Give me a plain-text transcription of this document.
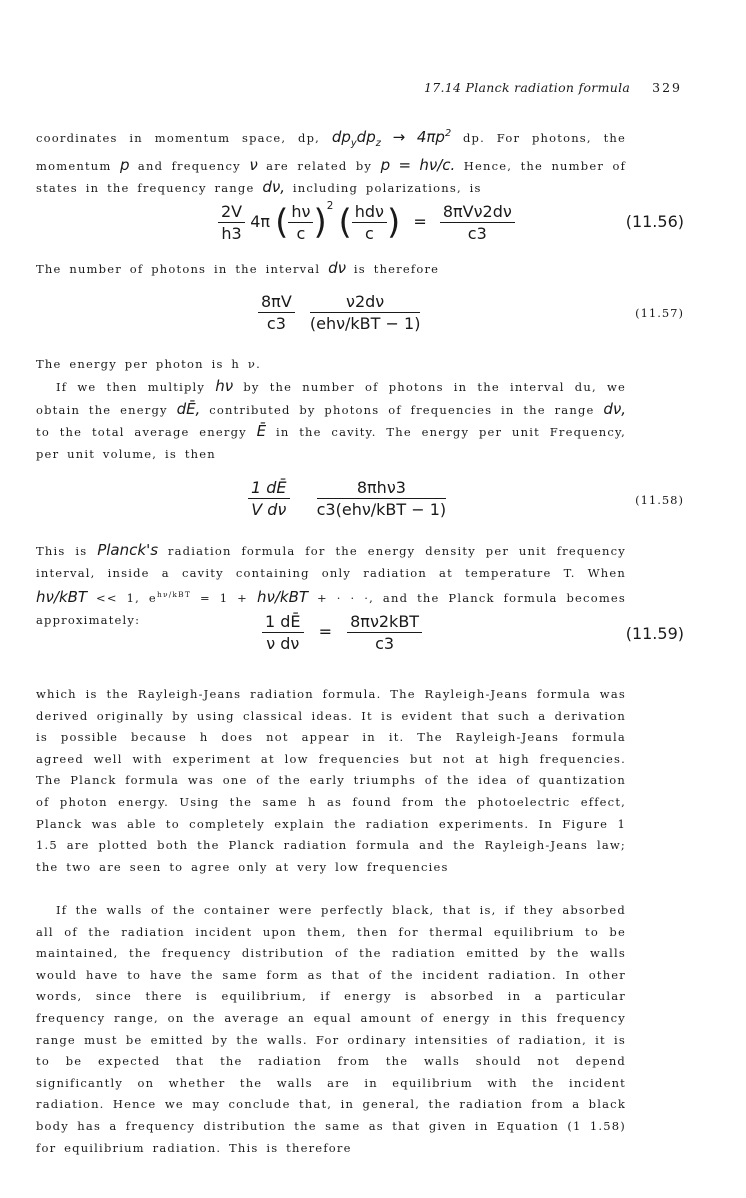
17.14 Planck radiation formula 329
coordinates in momentum space, dp, $dp_ydp_z \to 4\pi p^2$ dp. For photons, the momentum p and frequency ν are related by p = hν/c. Hence, the number of states in the frequency range dν, including polarizations, is
$\frac{2V}{h3} 4\pi$ ( $\frac{h\nu}{c} )^2$ ( $\frac{\text{hdν}}{c}$ ) = $\frac{\text{8πVν2dν}}{c3}$	(11.56)
The number of photons in the interval dν is therefore
$\frac{8\pi V}{c3}$
$\frac{\nu 2d\nu}{\text{(ehν/kBT − 1)}}$	(11.57)
The energy per photon is h ν.
If we then multiply hν by the number of photons in the interval du, we obtain the energy dĒ, contributed by photons of frequencies in the range dν, to the total average energy Ē in the cavity. The energy per unit Frequency, per unit volume, is then
$\frac{1 dĒ}{\text{V dν}}$
$\frac{\text{8πhν3}}{\text{c3(ehν/kBT − 1)}}$	(11.58)
This is Planck's radiation formula for the energy density per unit frequency interval, inside a cavity containing only radiation at temperature T. When hν/kBT << 1, $e^{h\nu/kBT} = 1 + h\nu/kBT$ + · · ·, and the Planck formula becomes approximately:	$\frac{1 dĒ}{\text{ν dν}} = \frac{\text{8πν2kBT}}{c3}$	(11.59)
which is the Rayleigh-Jeans radiation formula. The Rayleigh-Jeans formula was derived originally by using classical ideas. It is evident that such a derivation is possible because h does not appear in it. The Rayleigh-Jeans formula agreed well with experiment at low frequencies but not at high frequencies. The Planck formula was one of the early triumphs of the idea of quantization of photon energy. Using the same h as found from the photoelectric effect, Planck was able to completely explain the radiation experiments. In Figure 1 1.5 are plotted both the Planck radiation formula and the Rayleigh-Jeans law; the two are seen to agree only at very low frequencies
If the walls of the container were perfectly black, that is, if they absorbed all of the radiation incident upon them, then for thermal equilibrium to be maintained, the frequency distribution of the radiation emitted by the walls would have to have the same form as that of the incident radiation. In other words, since there is equilibrium, if energy is absorbed in a particular frequency range, on the average an equal amount of energy in this frequency range must be emitted by the walls. For ordinary intensities of radiation, it is to be expected that the radiation from the walls should not depend significantly on whether the walls are in equilibrium with the incident radiation. Hence we may conclude that, in general, the radiation from a black body has a frequency distribution the same as that given in Equation (1 1.58) for equilibrium radiation. This is therefore
